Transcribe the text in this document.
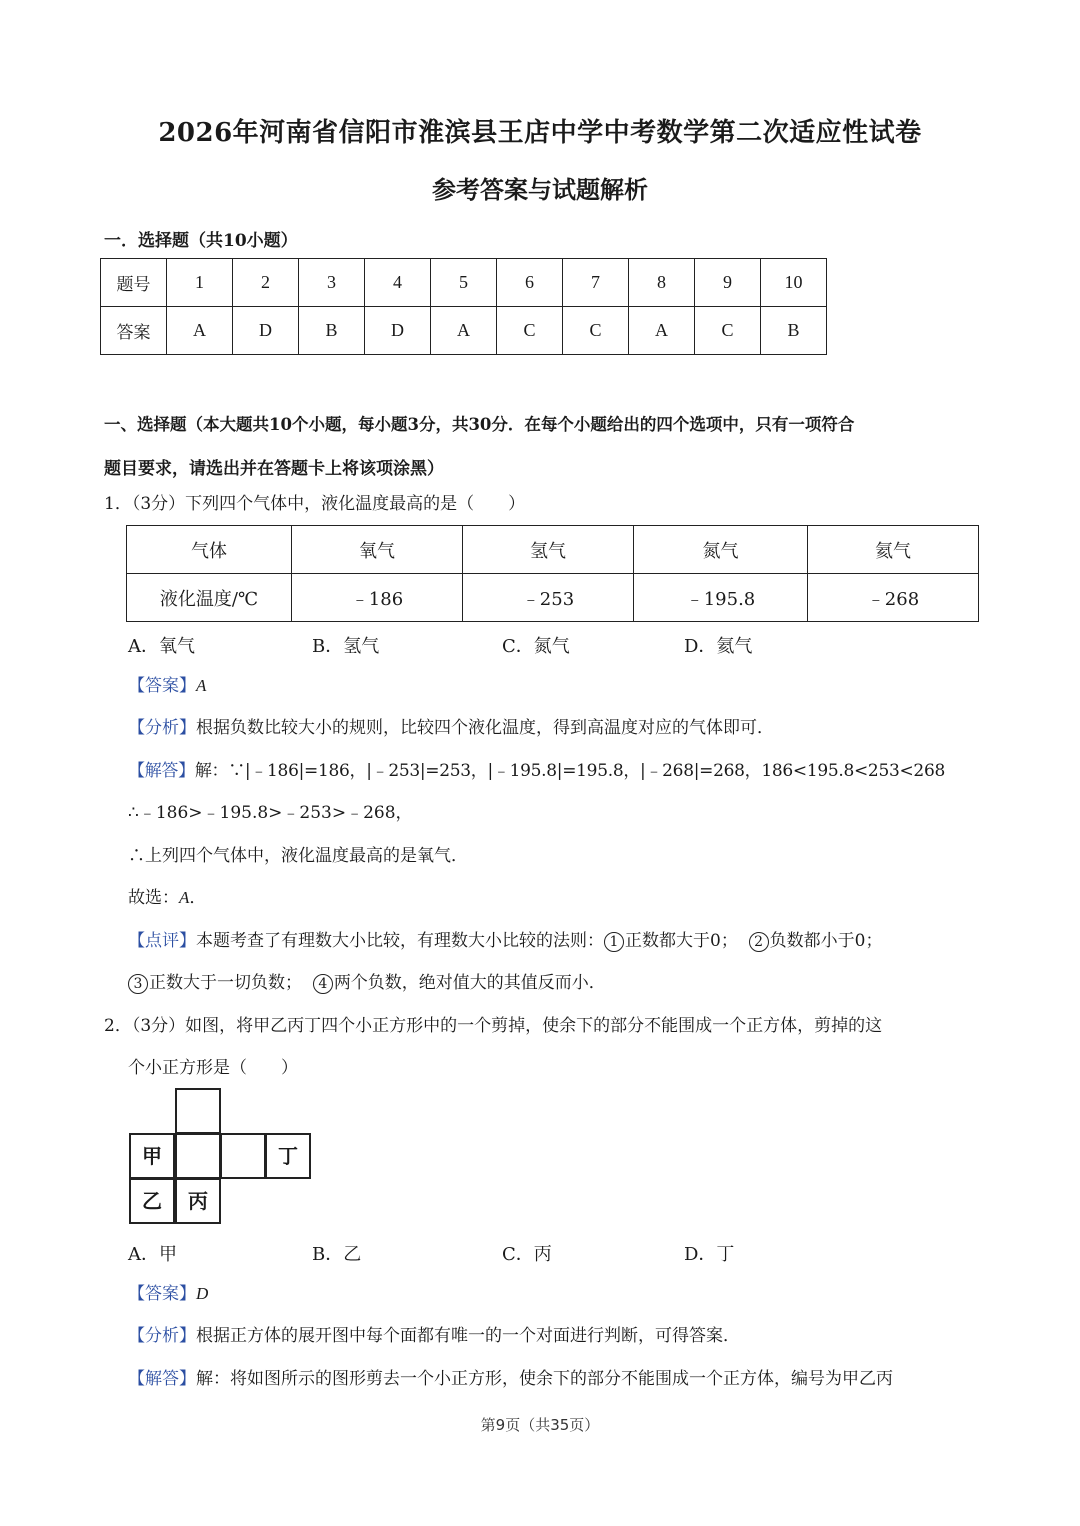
2026年河南省信阳市淮滨县王店中学中考数学第二次适应性试卷
参考答案与试题解析
一．选择题（共10小题）
题号	1	2	3	4	5	6	7	8	9	10
答案	A	D	B	D	A	C	C	A	C	B
一、选择题（本大题共10个小题，每小题3分，共30分．在每个小题给出的四个选项中，只有一项符合
题目要求，请选出并在答题卡上将该项涂黑）
1．（3分）下列四个气体中，液化温度最高的是（　　）
气体	氧气	氢气	氮气	氦气
液化温度/℃	﹣186	﹣253	﹣195.8	﹣268
A．氧气	B．氢气	C．氮气	D．氦气
【答案】A
【分析】根据负数比较大小的规则，比较四个液化温度，得到高温度对应的气体即可．
【解答】解：∵|﹣186|=186，|﹣253|=253，|﹣195.8|=195.8，|﹣268|=268，186<195.8<253<268
∴﹣186>﹣195.8>﹣253>﹣268，
∴上列四个气体中，液化温度最高的是氧气．
故选：A．
【点评】本题考查了有理数大小比较，有理数大小比较的法则： 1 正数都大于0； 2 负数都小于0；
3 正数大于一切负数； 4 两个负数，绝对值大的其值反而小．
2．（3分）如图，将甲乙丙丁四个小正方形中的一个剪掉，使余下的部分不能围成一个正方体，剪掉的这
个小正方形是（　　）
甲	丁
乙	丙
A．甲	B．乙	C．丙	D．丁
【答案】D
【分析】根据正方体的展开图中每个面都有唯一的一个对面进行判断，可得答案．
【解答】解：将如图所示的图形剪去一个小正方形，使余下的部分不能围成一个正方体，编号为甲乙丙
第9页（共35页）
